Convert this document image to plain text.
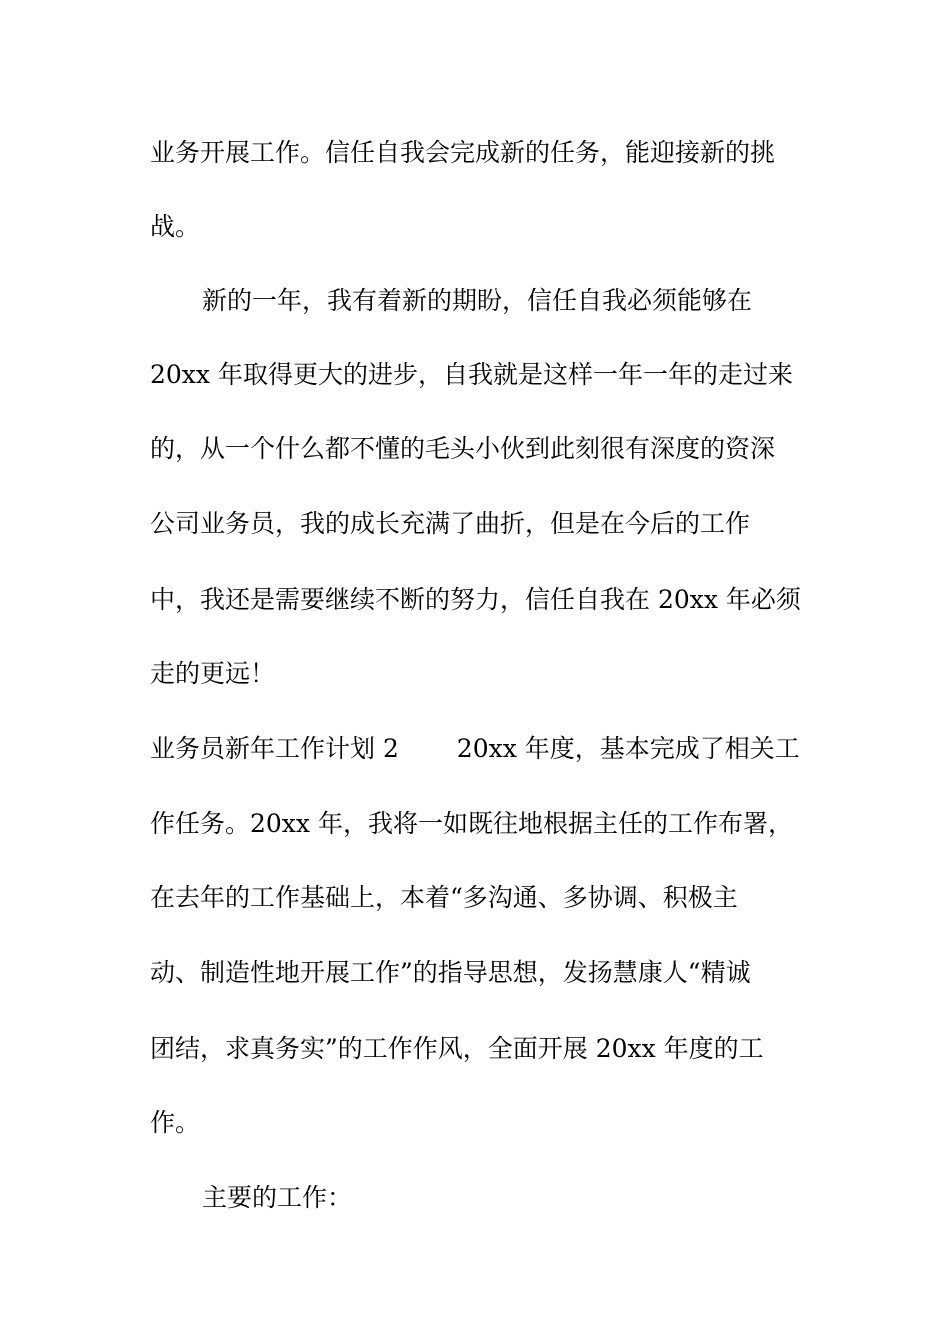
业务开展工作。信任自我会完成新的任务，能迎接新的挑
战。
新的一年，我有着新的期盼，信任自我必须能够在
20xx 年取得更大的进步，自我就是这样一年一年的走过来
的，从一个什么都不懂的毛头小伙到此刻很有深度的资深
公司业务员，我的成长充满了曲折，但是在今后的工作
中，我还是需要继续不断的努力，信任自我在 20xx 年必须
走的更远！
业务员新年工作计划 2　　 20xx 年度，基本完成了相关工
作任务。20xx 年，我将一如既往地根据主任的工作布署，
在去年的工作基础上，本着“多沟通、多协调、积极主
动、制造性地开展工作”的指导思想，发扬慧康人“精诚
团结，求真务实”的工作作风，全面开展 20xx 年度的工
作。
主要的工作：
